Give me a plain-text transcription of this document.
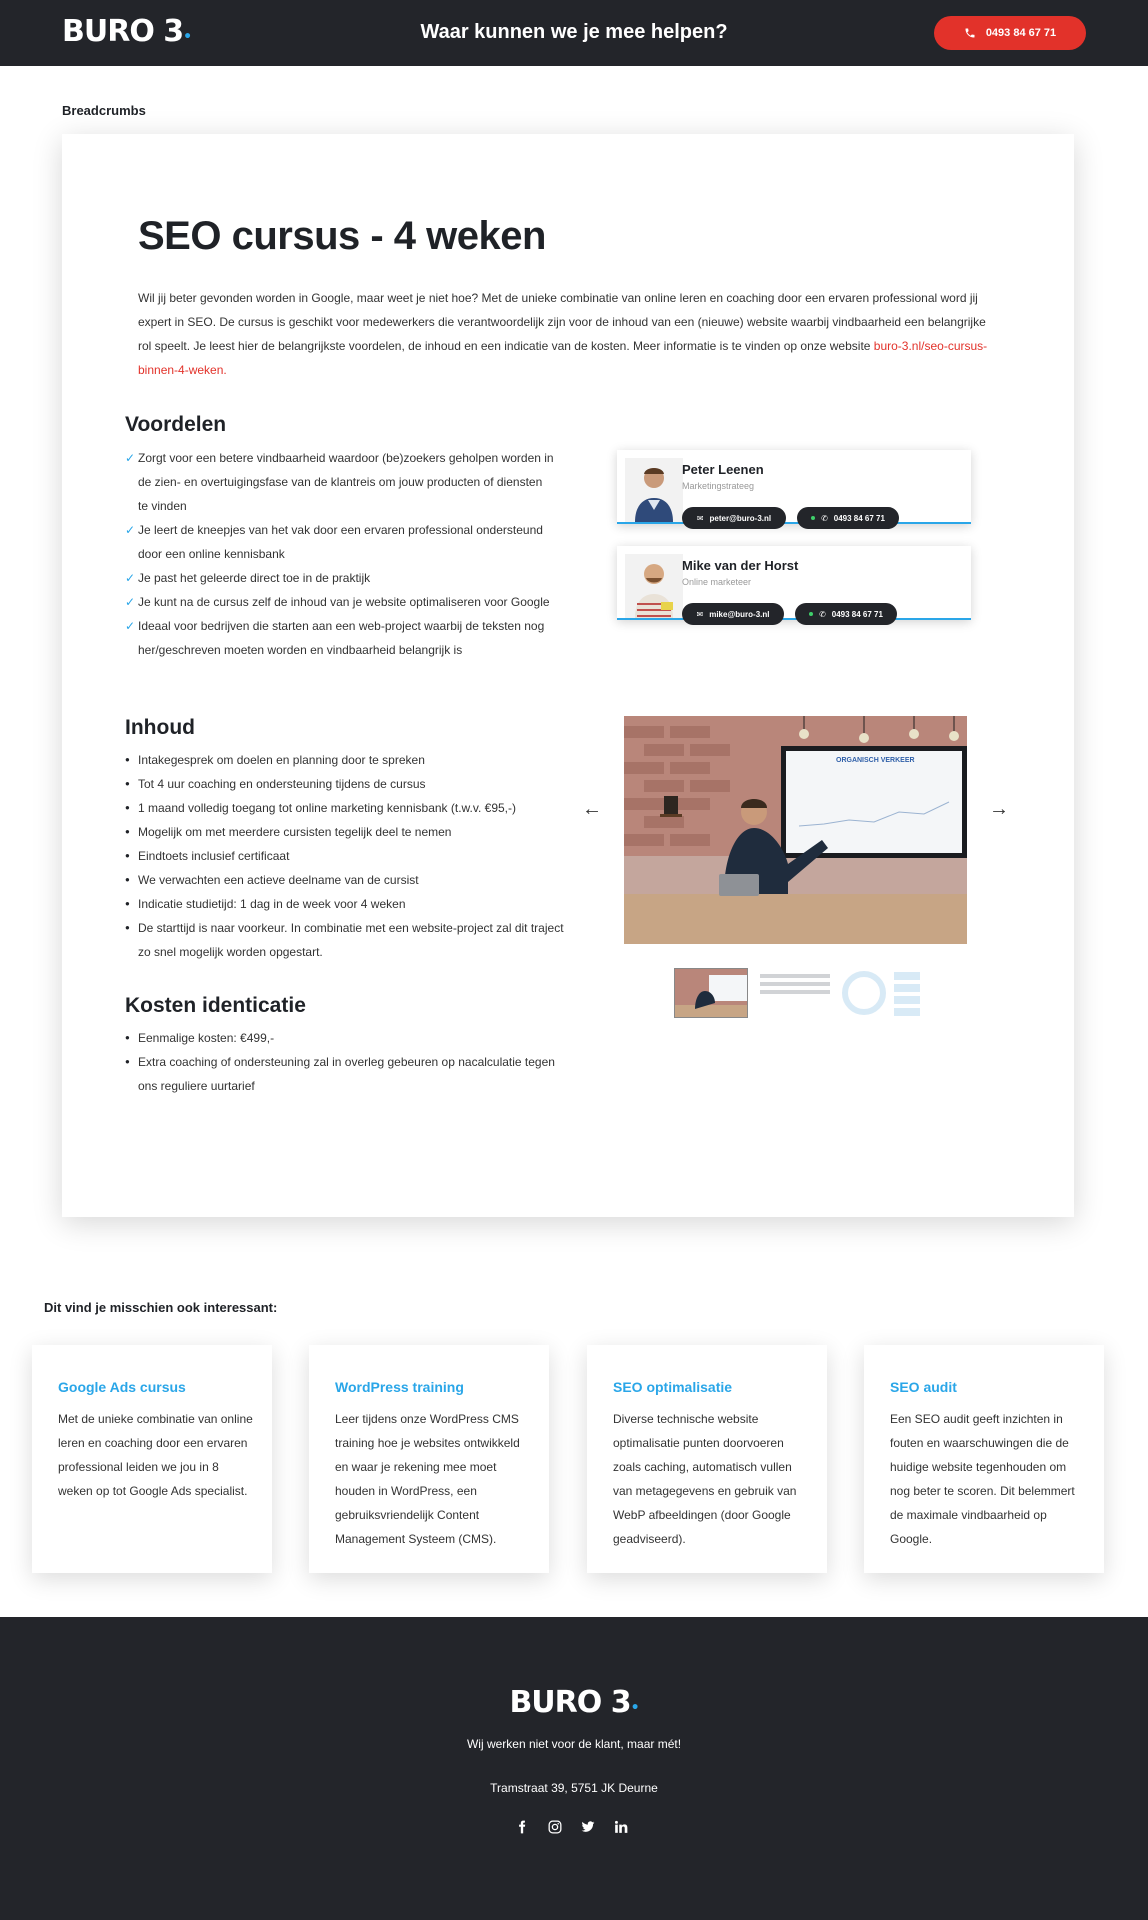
BURO 3•	Waar kunnen we je mee helpen?	0493 84 67 71
Breadcrumbs
SEO cursus - 4 weken

Wil jij beter gevonden worden in Google, maar weet je niet hoe? Met de unieke combinatie van online leren en coaching door een ervaren professional word jij expert in SEO. De cursus is geschikt voor medewerkers die verantwoordelijk zijn voor de inhoud van een (nieuwe) website waarbij vindbaarheid een belangrijke rol speelt. Je leest hier de belangrijkste voordelen, de inhoud en een indicatie van de kosten. Meer informatie is te vinden op onze website buro-3.nl/seo-cursus-binnen-4-weken.

Voordelen
✓ Zorgt voor een betere vindbaarheid waardoor (be)zoekers geholpen worden in de zien- en overtuigingsfase van de klantreis om jouw producten of diensten te vinden
✓ Je leert de kneepjes van het vak door een ervaren professional ondersteund door een online kennisbank
✓ Je past het geleerde direct toe in de praktijk
✓ Je kunt na de cursus zelf de inhoud van je website optimaliseren voor Google
✓ Ideaal voor bedrijven die starten aan een web-project waarbij de teksten nog her/geschreven moeten worden en vindbaarheid belangrijk is
Inhoud
● Intakegesprek om doelen en planning door te spreken
● Tot 4 uur coaching en ondersteuning tijdens de cursus
● 1 maand volledig toegang tot online marketing kennisbank (t.w.v. €95,-)
● Mogelijk om met meerdere cursisten tegelijk deel te nemen
● Eindtoets inclusief certificaat
● We verwachten een actieve deelname van de cursist
● Indicatie studietijd: 1 dag in de week voor 4 weken
● De starttijd is naar voorkeur. In combinatie met een website-project zal dit traject zo snel mogelijk worden opgestart.
Kosten identicatie
● Eenmalige kosten: €499,-
● Extra coaching of ondersteuning zal in overleg gebeuren op nacalculatie tegen ons reguliere uurtarief
Peter Leenen
Marketingstrateeg
✉ peter@buro-3.nl	✆ 0493 84 67 71
Mike van der Horst
Online marketeer
✉ mike@buro-3.nl	✆ 0493 84 67 71
ORGANISCH VERKEER
←	→
Dit vind je misschien ook interessant:
Google Ads cursus
Met de unieke combinatie van online leren en coaching door een ervaren professional leiden we jou in 8 weken op tot Google Ads specialist.
WordPress training
Leer tijdens onze WordPress CMS training hoe je websites ontwikkeld en waar je rekening mee moet houden in WordPress, een gebruiksvriendelijk Content Management Systeem (CMS).
SEO optimalisatie
Diverse technische website optimalisatie punten doorvoeren zoals caching, automatisch vullen van metagegevens en gebruik van WebP afbeeldingen (door Google geadviseerd).
SEO audit
Een SEO audit geeft inzichten in fouten en waarschuwingen die de huidige website tegenhouden om nog beter te scoren. Dit belemmert de maximale vindbaarheid op Google.
BURO 3•
Wij werken niet voor de klant, maar mét!
Tramstraat 39, 5751 JK Deurne
